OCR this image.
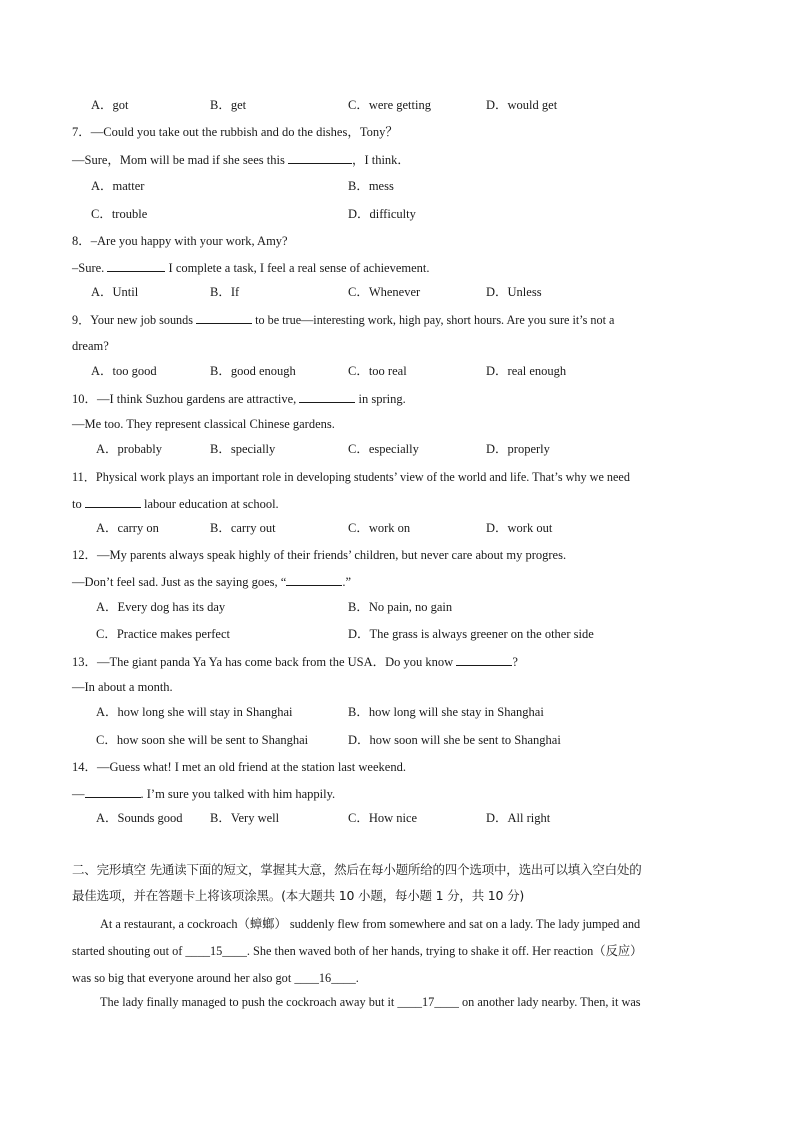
A．got	B．get	C．were getting	D．would get
7．—Could you take out the rubbish and do the dishes，Tony？
—Sure，Mom will be mad if she sees this	，I think．
A．matter	B．mess
C．trouble	D．difficulty
8．–Are you happy with your work, Amy?
–Sure.	I complete a task, I feel a real sense of achievement.
A．Until	B．If	C．Whenever	D．Unless
9．Your new job sounds	to be true—interesting work, high pay, short hours. Are you sure it’s not a
dream?
A．too good	B．good enough	C．too real	D．real enough
10．—I think Suzhou gardens are attractive,	in spring.
—Me too. They represent classical Chinese gardens.
A．probably	B．specially	C．especially	D．properly
11．Physical work plays an important role in developing students’ view of the world and life. That’s why we need
to	labour education at school.
A．carry on	B．carry out	C．work on	D．work out
12．—My parents always speak highly of their friends’ children, but never care about my progres.
—Don’t feel sad. Just as the saying goes, “	.”
A．Every dog has its day	B．No pain, no gain
C．Practice makes perfect	D．The grass is always greener on the other side
13．—The giant panda Ya Ya has come back from the USA．Do you know	?
—In about a month.
A．how long she will stay in Shanghai	B．how long will she stay in Shanghai
C．how soon she will be sent to Shanghai	D．how soon will she be sent to Shanghai
14．—Guess what! I met an old friend at the station last weekend.
—	. I’m sure you talked with him happily.
A．Sounds good B．Very well	C．How nice	D．All right
二、完形填空 先通读下面的短文，掌握其大意，然后在每小题所给的四个选项中，选出可以填入空白处的
最佳选项，并在答题卡上将该项涂黑。(本大题共 10 小题，每小题 1 分，共 10 分)
At a restaurant, a cockroach（蟑螂） suddenly flew from somewhere and sat on a lady. The lady jumped and
started shouting out of ____15____. She then waved both of her hands, trying to shake it off. Her reaction（反应）
was so big that everyone around her also got ____16____.
The lady finally managed to push the cockroach away but it ____17____ on another lady nearby. Then, it was
